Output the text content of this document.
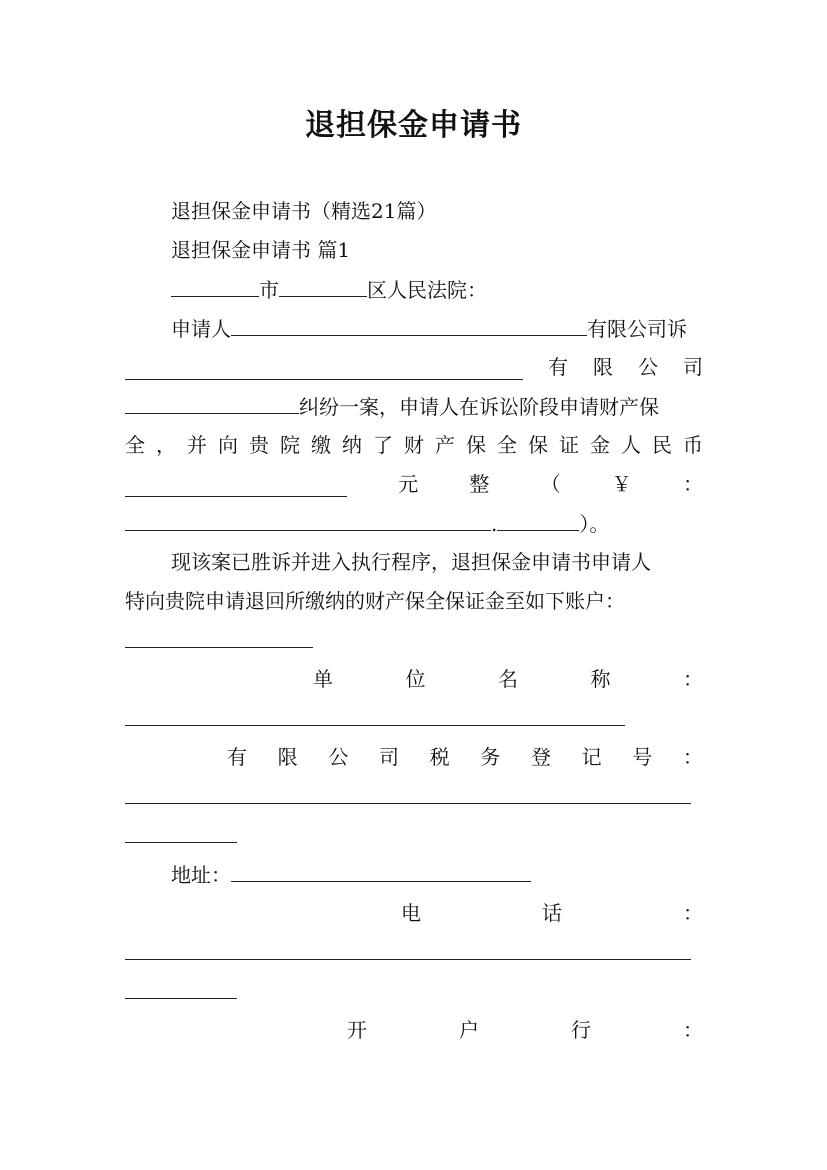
退担保金申请书
退担保金申请书（精选21篇）
退担保金申请书 篇1
市	区人民法院：
申请人	有限公司诉
有 限 公 司
纠纷一案，申请人在诉讼阶段申请财产保
全 ， 并 向 贵 院 缴 纳 了 财 产 保 全 保 证 金 人 民 币
元	整	（	￥	：
.	）。
现该案已胜诉并进入执行程序，退担保金申请书申请人
特向贵院申请退回所缴纳的财产保全保证金至如下账户：
单	位	名	称	：
有 限 公 司 税 务 登 记 号 ：
地址：
电	话	：
开	户	行	：
